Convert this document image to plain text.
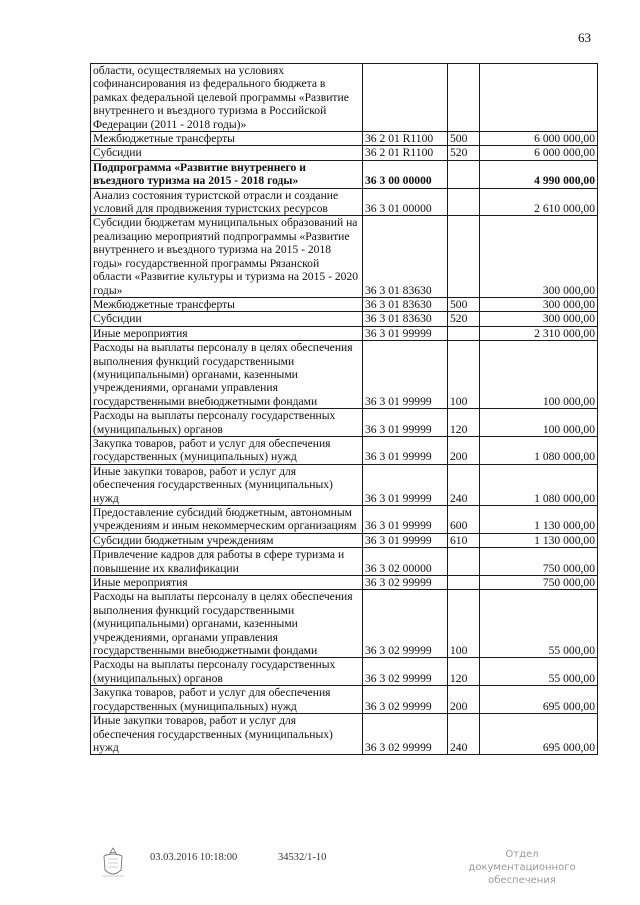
63
области, осуществляемых на условиях софинансирования из федерального бюджета в рамках федеральной целевой программы «Развитие внутреннего и въездного туризма в Российской Федерации (2011 - 2018 годы)»			
Межбюджетные трансферты	36 2 01 R1100	500	6 000 000,00
Субсидии	36 2 01 R1100	520	6 000 000,00
Подпрограмма «Развитие внутреннего и въездного туризма на 2015 - 2018 годы»	36 3 00 00000		4 990 000,00
Анализ состояния туристской отрасли и создание условий для продвижения туристских ресурсов	36 3 01 00000		2 610 000,00
Субсидии бюджетам муниципальных образований на реализацию мероприятий подпрограммы «Развитие внутреннего и въездного туризма на 2015 - 2018 годы» государственной программы Рязанской области «Развитие культуры и туризма на 2015 - 2020 годы»	36 3 01 83630		300 000,00
Межбюджетные трансферты	36 3 01 83630	500	300 000,00
Субсидии	36 3 01 83630	520	300 000,00
Иные мероприятия	36 3 01 99999		2 310 000,00
Расходы на выплаты персоналу в целях обеспечения выполнения функций государственными (муниципальными) органами, казенными учреждениями, органами управления государственными внебюджетными фондами	36 3 01 99999	100	100 000,00
Расходы на выплаты персоналу государственных (муниципальных) органов	36 3 01 99999	120	100 000,00
Закупка товаров, работ и услуг для обеспечения государственных (муниципальных) нужд	36 3 01 99999	200	1 080 000,00
Иные закупки товаров, работ и услуг для обеспечения государственных (муниципальных) нужд	36 3 01 99999	240	1 080 000,00
Предоставление субсидий бюджетным, автономным учреждениям и иным некоммерческим организациям	36 3 01 99999	600	1 130 000,00
Субсидии бюджетным учреждениям	36 3 01 99999	610	1 130 000,00
Привлечение кадров для работы в сфере туризма и повышение их квалификации	36 3 02 00000		750 000,00
Иные мероприятия	36 3 02 99999		750 000,00
Расходы на выплаты персоналу в целях обеспечения выполнения функций государственными (муниципальными) органами, казенными учреждениями, органами управления государственными внебюджетными фондами	36 3 02 99999	100	55 000,00
Расходы на выплаты персоналу государственных (муниципальных) органов	36 3 02 99999	120	55 000,00
Закупка товаров, работ и услуг для обеспечения государственных (муниципальных) нужд	36 3 02 99999	200	695 000,00
Иные закупки товаров, работ и услуг для обеспечения государственных (муниципальных) нужд	36 3 02 99999	240	695 000,00
03.03.2016 10:18:00	34532/1-10	Отдел документационного обеспечения
